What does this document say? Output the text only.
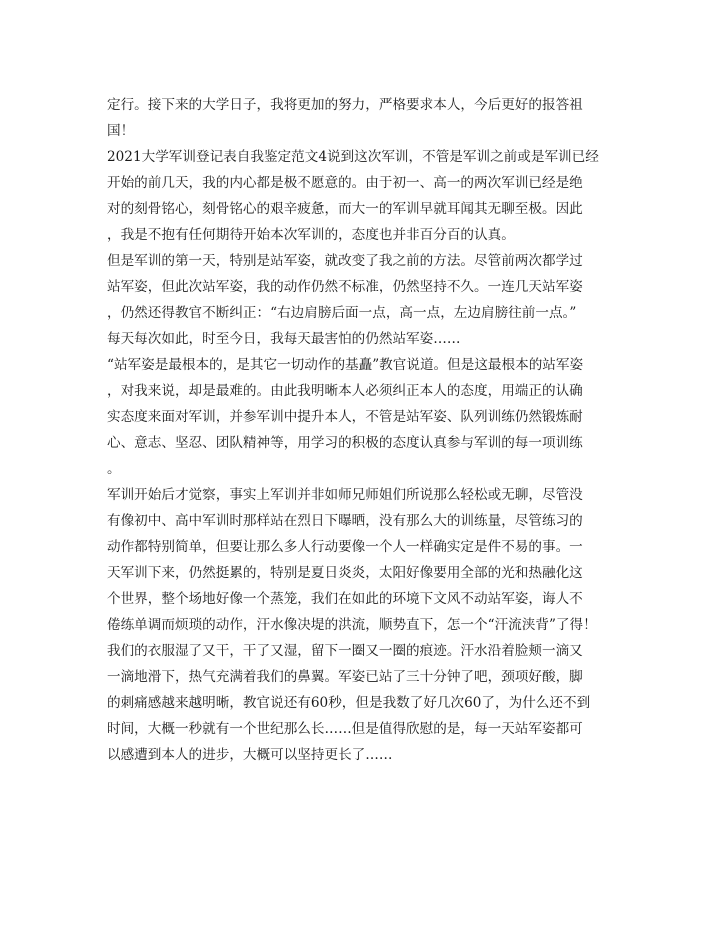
定行。接下来的大学日子，我将更加的努力，严格要求本人，今后更好的报答祖
国！

2021大学军训登记表自我鉴定范文4说到这次军训，不管是军训之前或是军训已经
开始的前几天，我的内心都是极不愿意的。由于初一、高一的两次军训已经是绝
对的刻骨铭心，刻骨铭心的艰辛疲惫，而大一的军训早就耳闻其无聊至极。因此
，我是不抱有任何期待开始本次军训的，态度也并非百分百的认真。

但是军训的第一天，特别是站军姿，就改变了我之前的方法。尽管前两次都学过
站军姿，但此次站军姿，我的动作仍然不标准，仍然坚持不久。一连几天站军姿
，仍然还得教官不断纠正：“右边肩膀后面一点，高一点，左边肩膀往前一点。”
每天每次如此，时至今日，我每天最害怕的仍然站军姿……

“站军姿是最根本的，是其它一切动作的基矗”教官说道。但是这最根本的站军姿
，对我来说，却是最难的。由此我明晰本人必须纠正本人的态度，用端正的认确
实态度来面对军训，并参军训中提升本人，不管是站军姿、队列训练仍然锻炼耐
心、意志、坚忍、团队精神等，用学习的积极的态度认真参与军训的每一项训练
。

军训开始后才觉察，事实上军训并非如师兄师姐们所说那么轻松或无聊，尽管没
有像初中、高中军训时那样站在烈日下曝晒，没有那么大的训练量，尽管练习的
动作都特别简单，但要让那么多人行动要像一个人一样确实定是件不易的事。一
天军训下来，仍然挺累的，特别是夏日炎炎，太阳好像要用全部的光和热融化这
个世界，整个场地好像一个蒸笼，我们在如此的环境下文风不动站军姿，诲人不
倦练单调而烦琐的动作，汗水像决堤的洪流，顺势直下，怎一个“汗流浃背”了得！
我们的衣服湿了又干，干了又湿，留下一圈又一圈的痕迹。汗水沿着脸颊一滴又
一滴地滑下，热气充满着我们的鼻翼。军姿已站了三十分钟了吧，颈项好酸，脚
的刺痛感越来越明晰，教官说还有60秒，但是我数了好几次60了，为什么还不到
时间，大概一秒就有一个世纪那么长……但是值得欣慰的是，每一天站军姿都可
以感遭到本人的进步，大概可以坚持更长了……
